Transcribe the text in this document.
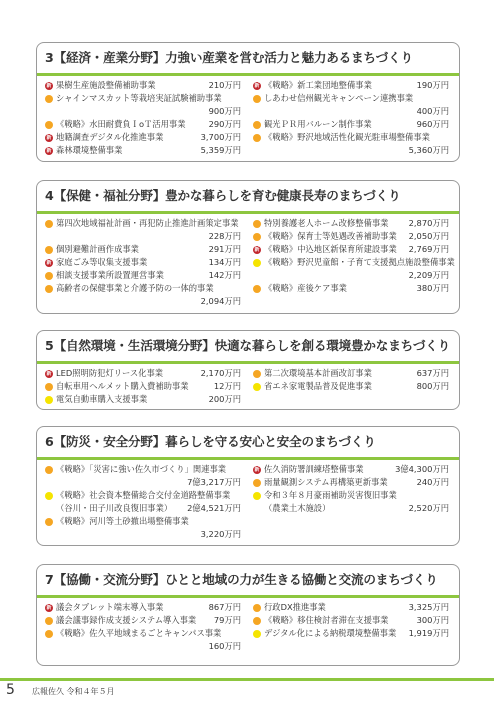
3【経済・産業分野】力強い産業を営む活力と魅力あるまちづくり
新 果樹生産施設整備補助事業	210万円
シャインマスカット等栽培実証試験補助事業
900万円
《戦略》水田耐費負ＩoＴ活用事業	290万円
新 地籍調査デジタル化推進事業	3,700万円
新 森林環境整備事業	5,359万円
新 《戦略》新工業団地整備事業	190万円
しあわせ信州観光キャンペーン連携事業
400万円
観光ＰＲ用バルーン制作事業	960万円
《戦略》野沢地域活性化観光駐車場整備事業
5,360万円
4【保健・福祉分野】豊かな暮らしを育む健康長寿のまちづくり
第四次地域福祉計画・再犯防止推進計画策定事業
228万円
個別避難計画作成事業	291万円
新 家庭ごみ等収集支援事業	134万円
相談支援事業所設置運営事業	142万円
高齢者の保健事業と介護予防の一体的事業
2,094万円
特別養護老人ホーム改修整備事業 2,870万円
《戦略》保育士等処遇改善補助事業 2,050万円
新 《戦略》中込地区新保育所建設事業 2,769万円
《戦略》野沢児童館・子育て支援拠点施設整備事業
2,209万円
《戦略》産後ケア事業	380万円
5【自然環境・生活環境分野】快適な暮らしを創る環境豊かなまちづくり
新 LED照明防犯灯リース化事業	2,170万円
自転車用ヘルメット購入費補助事業	12万円
電気自動車購入支援事業	200万円
第二次環境基本計画改訂事業	637万円
省エネ家電製品普及促進事業	800万円
6【防災・安全分野】暮らしを守る安心と安全のまちづくり
《戦略》「災害に強い佐久市づくり」関連事業
7億3,217万円
《戦略》社会資本整備総合交付金道路整備事業
（谷川・田子川改良復旧事業） 2億4,521万円
《戦略》河川等土砂撤出場整備事業
3,220万円
新 佐久消防署訓練塔整備事業	3億4,300万円
雨量観測システム再構築更新事業	240万円
令和３年８月豪雨補助災害復旧事業
（農業土木施設）	2,520万円
7【協働・交流分野】ひとと地域の力が生きる協働と交流のまちづくり
新 議会タブレット端末導入事業	867万円
議会議事録作成支援システム導入事業 79万円
《戦略》佐久平地域まるごとキャンパス事業
160万円
行政DX推進事業	3,325万円
《戦略》移住検討者滞在支援事業	300万円
デジタル化による納税環境整備事業 1,919万円
5 広報佐久 令和４年５月
